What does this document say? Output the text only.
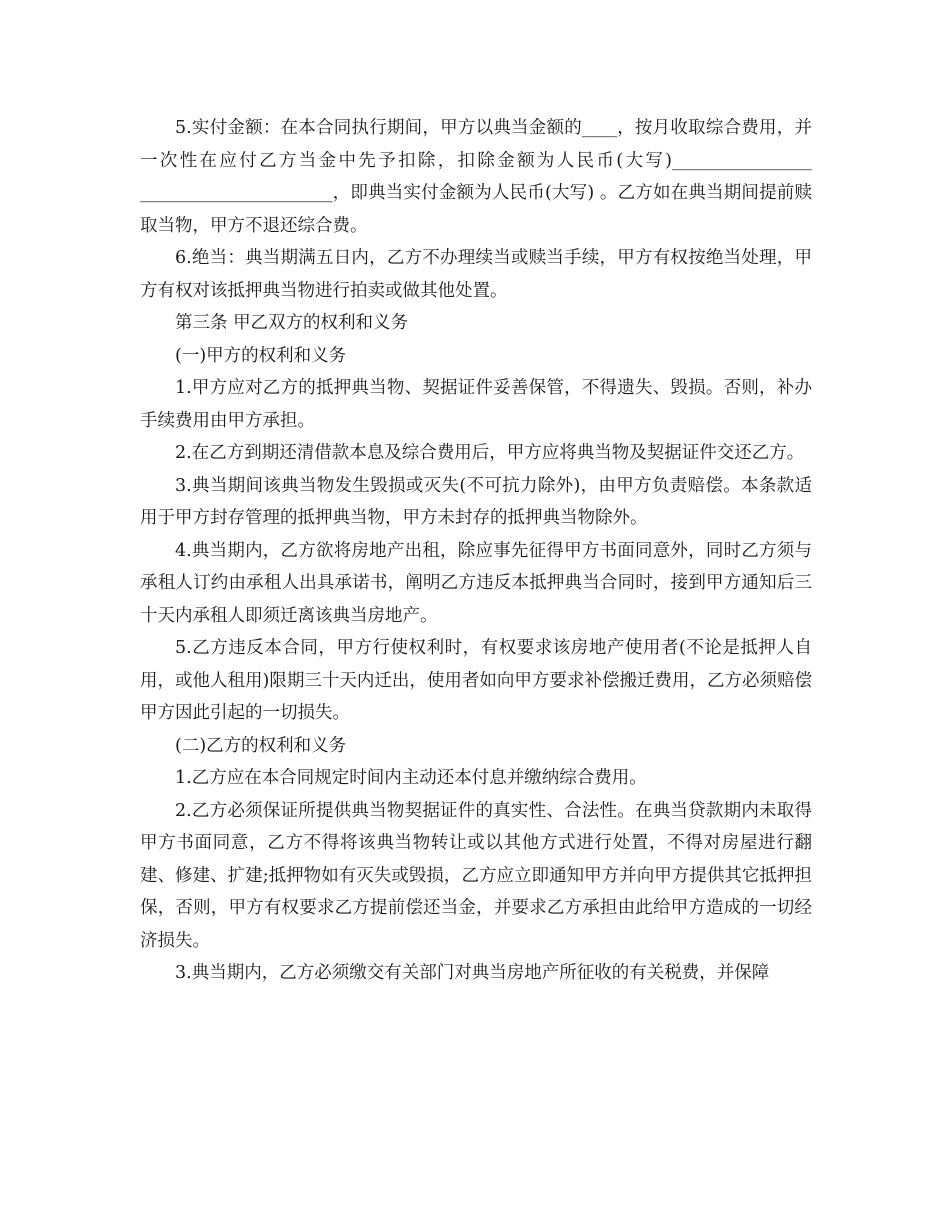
5.实付金额：在本合同执行期间，甲方以典当金额的____，按月收取综合费用，并一次性在应付乙方当金中先予扣除，扣除金额为人民币(大写)________________ ______________________，即典当实付金额为人民币(大写) 。乙方如在典当期间提前赎取当物，甲方不退还综合费。

6.绝当：典当期满五日内，乙方不办理续当或赎当手续，甲方有权按绝当处理，甲方有权对该抵押典当物进行拍卖或做其他处置。

第三条 甲乙双方的权利和义务

(一)甲方的权利和义务

1.甲方应对乙方的抵押典当物、契据证件妥善保管，不得遗失、毁损。否则，补办手续费用由甲方承担。

2.在乙方到期还清借款本息及综合费用后，甲方应将典当物及契据证件交还乙方。

3.典当期间该典当物发生毁损或灭失(不可抗力除外)，由甲方负责赔偿。本条款适用于甲方封存管理的抵押典当物，甲方未封存的抵押典当物除外。

4.典当期内，乙方欲将房地产出租，除应事先征得甲方书面同意外，同时乙方须与承租人订约由承租人出具承诺书，阐明乙方违反本抵押典当合同时，接到甲方通知后三十天内承租人即须迁离该典当房地产。

5.乙方违反本合同，甲方行使权利时，有权要求该房地产使用者(不论是抵押人自用，或他人租用)限期三十天内迁出，使用者如向甲方要求补偿搬迁费用，乙方必须赔偿甲方因此引起的一切损失。

(二)乙方的权利和义务

1.乙方应在本合同规定时间内主动还本付息并缴纳综合费用。

2.乙方必须保证所提供典当物契据证件的真实性、合法性。在典当贷款期内未取得甲方书面同意，乙方不得将该典当物转让或以其他方式进行处置，不得对房屋进行翻建、修建、扩建;抵押物如有灭失或毁损，乙方应立即通知甲方并向甲方提供其它抵押担保，否则，甲方有权要求乙方提前偿还当金，并要求乙方承担由此给甲方造成的一切经济损失。

3.典当期内，乙方必须缴交有关部门对典当房地产所征收的有关税费，并保障
